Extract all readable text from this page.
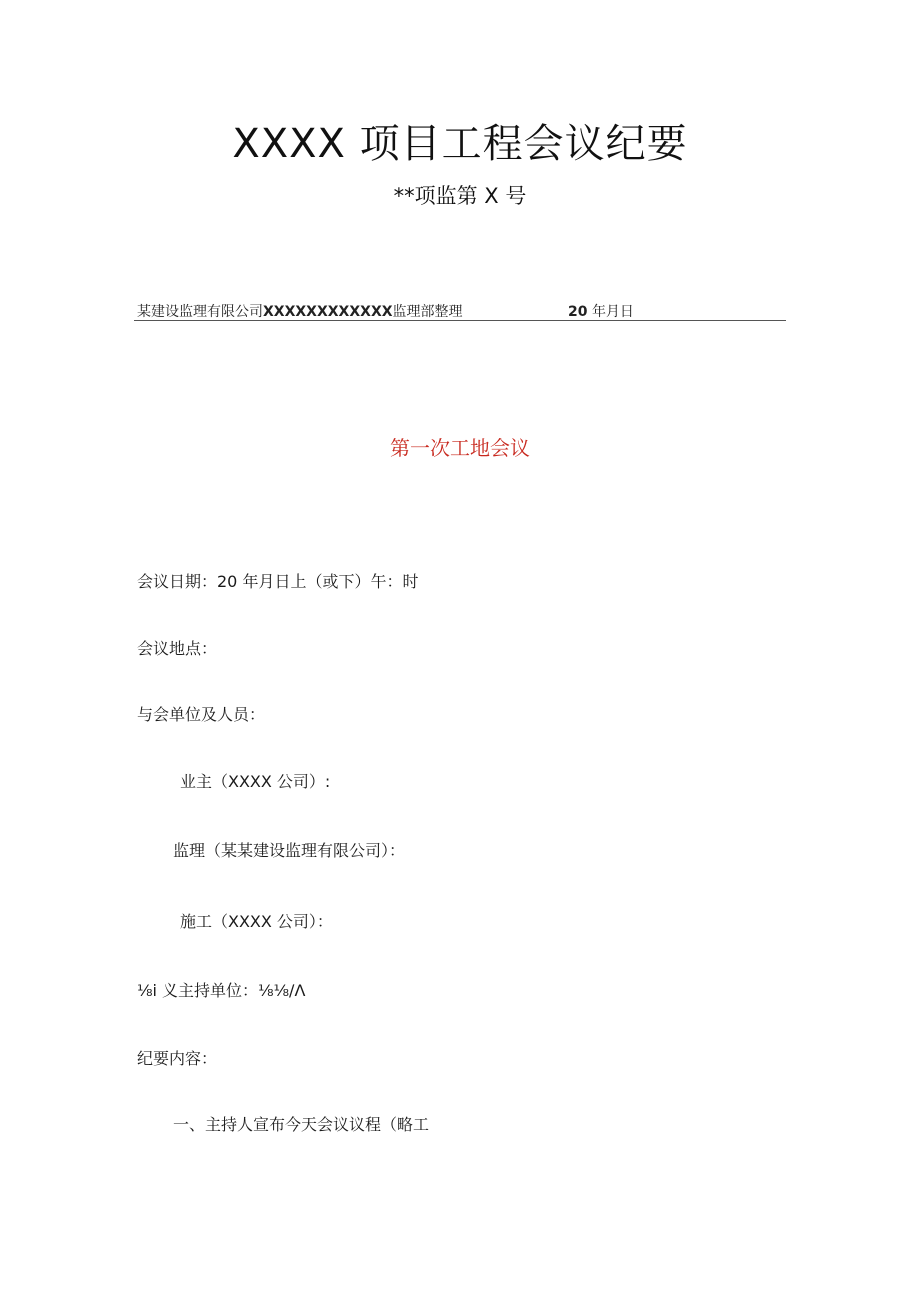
XXXX 项目工程会议纪要
**项监第 X 号
某建设监理有限公司XXXXXXXXXXXX监理部整理	20 年月日
第一次工地会议
会议日期：20 年月日上（或下）午：时
会议地点：
与会单位及人员：
业主（XXXX 公司）:
监理（某某建设监理有限公司）：
施工（XXXX 公司）：
⅛i 义主持单位：⅛⅛∕Λ
纪要内容：
一、主持人宣布今天会议议程（略工
